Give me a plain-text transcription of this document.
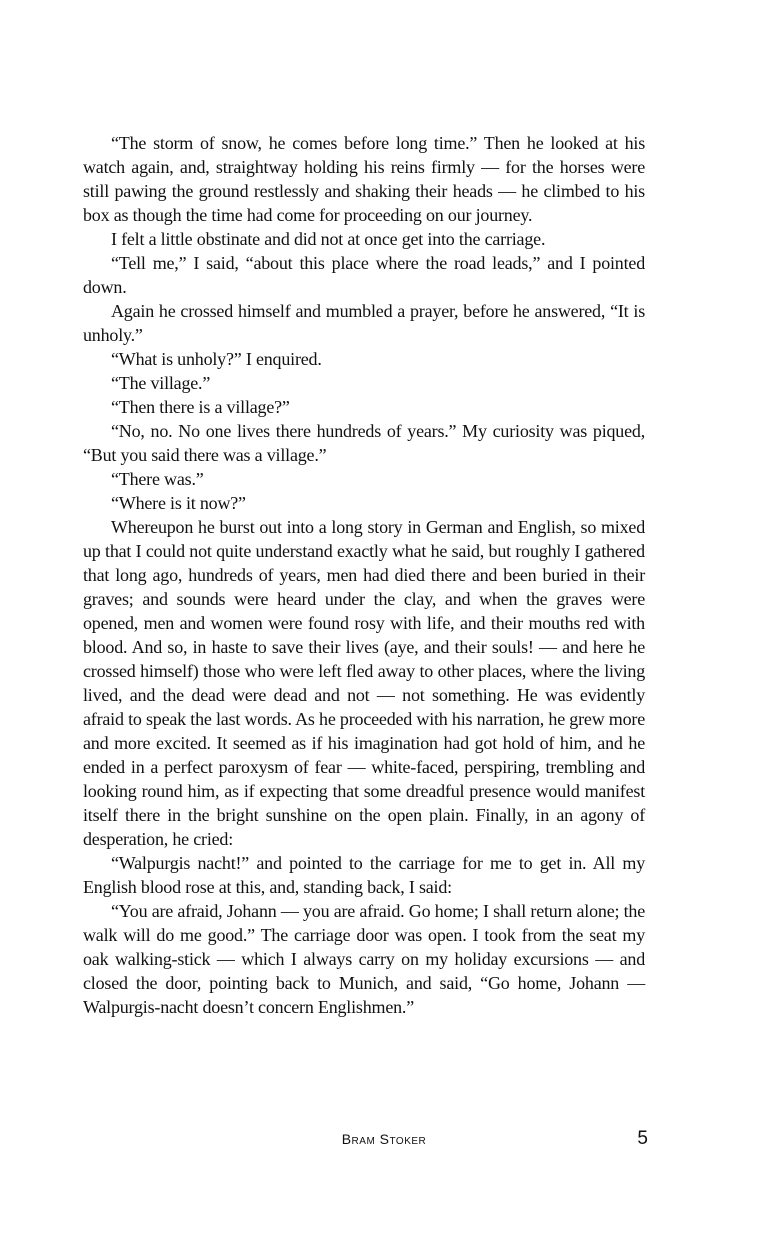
“The storm of snow, he comes before long time.” Then he looked at his watch again, and, straightway holding his reins firmly — for the horses were still pawing the ground restlessly and shaking their heads — he climbed to his box as though the time had come for proceeding on our journey.

I felt a little obstinate and did not at once get into the carriage.

“Tell me,” I said, “about this place where the road leads,” and I pointed down.

Again he crossed himself and mumbled a prayer, before he answered, “It is unholy.”

“What is unholy?” I enquired.

“The village.”

“Then there is a village?”

“No, no. No one lives there hundreds of years.” My curiosity was piqued, “But you said there was a village.”

“There was.”

“Where is it now?”

Whereupon he burst out into a long story in German and English, so mixed up that I could not quite understand exactly what he said, but roughly I gathered that long ago, hundreds of years, men had died there and been buried in their graves; and sounds were heard under the clay, and when the graves were opened, men and women were found rosy with life, and their mouths red with blood. And so, in haste to save their lives (aye, and their souls! — and here he crossed himself) those who were left fled away to other places, where the living lived, and the dead were dead and not — not something. He was evidently afraid to speak the last words. As he proceeded with his narration, he grew more and more excited. It seemed as if his imagination had got hold of him, and he ended in a perfect paroxysm of fear — white-faced, perspiring, trembling and looking round him, as if expecting that some dreadful presence would manifest itself there in the bright sunshine on the open plain. Finally, in an agony of desperation, he cried:

“Walpurgis nacht!” and pointed to the carriage for me to get in. All my English blood rose at this, and, standing back, I said:

“You are afraid, Johann — you are afraid. Go home; I shall return alone; the walk will do me good.” The carriage door was open. I took from the seat my oak walking-stick — which I always carry on my holiday excursions — and closed the door, pointing back to Munich, and said, “Go home, Johann — Walpurgis-nacht doesn’t concern Englishmen.”

Bram Stoker	5
